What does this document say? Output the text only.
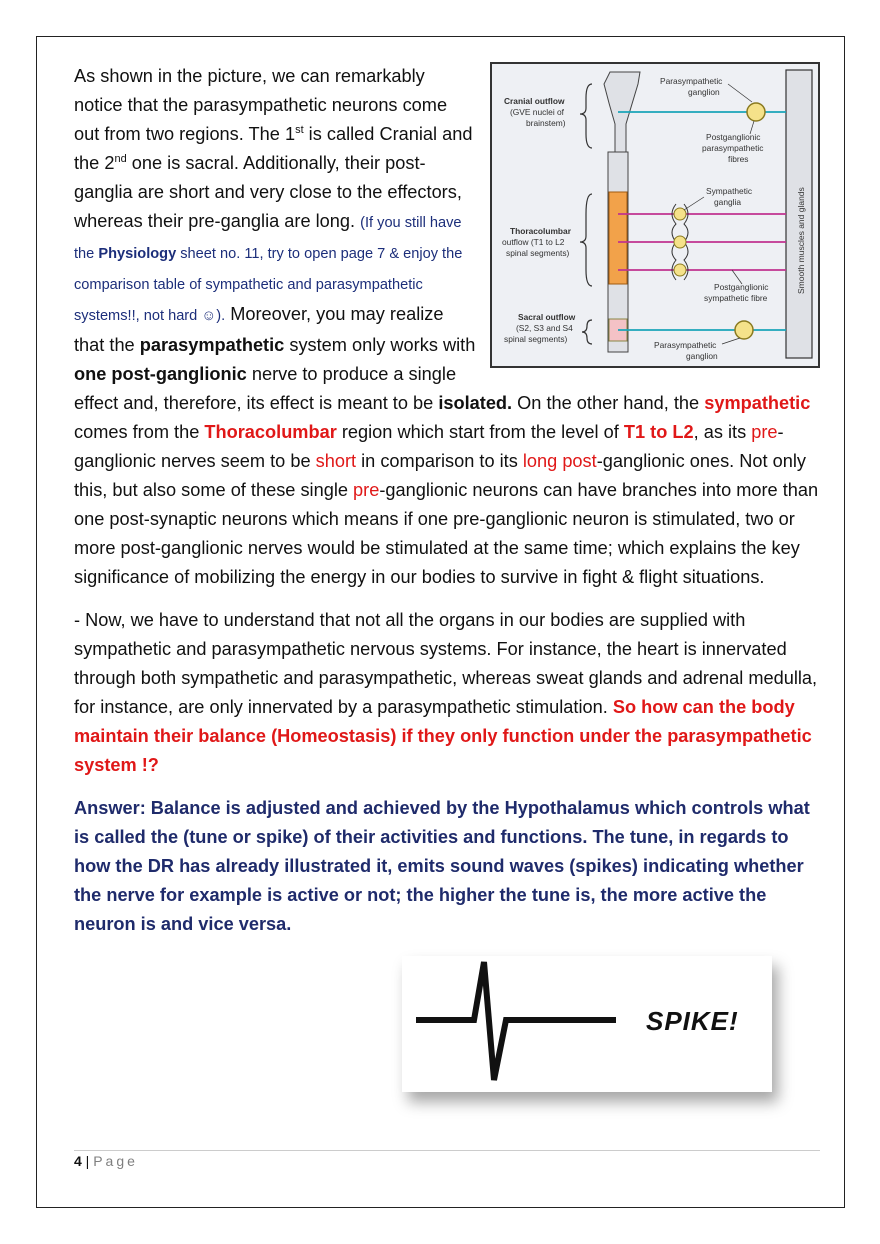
Smooth muscles and glands
Cranial outflow
(GVE nuclei of
brainstem)
Parasympathetic
ganglion
Postganglionic
parasympathetic
fibres
Sympathetic
ganglia
Thoracolumbar
outflow (T1 to L2
spinal segments)
Postganglionic
sympathetic fibre
Sacral outflow
(S2, S3 and S4
spinal segments)
Parasympathetic
ganglion

As shown in the picture, we can remarkably notice that the parasympathetic neurons come out from two regions. The 1st is called Cranial and the 2nd one is sacral. Additionally, their post-ganglia are short and very close to the effectors, whereas their pre-ganglia are long. (If you still have the Physiology sheet no. 11, try to open page 7 & enjoy the comparison table of sympathetic and parasympathetic systems!!, not hard ☺). Moreover, you may realize that the parasympathetic system only works with one post-ganglionic nerve to produce a single effect and, therefore, its effect is meant to be isolated. On the other hand, the sympathetic comes from the Thoracolumbar region which start from the level of T1 to L2, as its pre-ganglionic nerves seem to be short in comparison to its long post-ganglionic ones. Not only this, but also some of these single pre-ganglionic neurons can have branches into more than one post-synaptic neurons which means if one pre-ganglionic neuron is stimulated, two or more post-ganglionic nerves would be stimulated at the same time; which explains the key significance of mobilizing the energy in our bodies to survive in fight & flight situations.

- Now, we have to understand that not all the organs in our bodies are supplied with sympathetic and parasympathetic nervous systems. For instance, the heart is innervated through both sympathetic and parasympathetic, whereas sweat glands and adrenal medulla, for instance, are only innervated by a parasympathetic stimulation. So how can the body maintain their balance (Homeostasis) if they only function under the parasympathetic system !?

Answer: Balance is adjusted and achieved by the Hypothalamus which controls what is called the (tune or spike) of their activities and functions. The tune, in regards to how the DR has already illustrated it, emits sound waves (spikes) indicating whether the nerve for example is active or not; the higher the tune is, the more active the neuron is and vice versa.

SPIKE!
4 | Page
